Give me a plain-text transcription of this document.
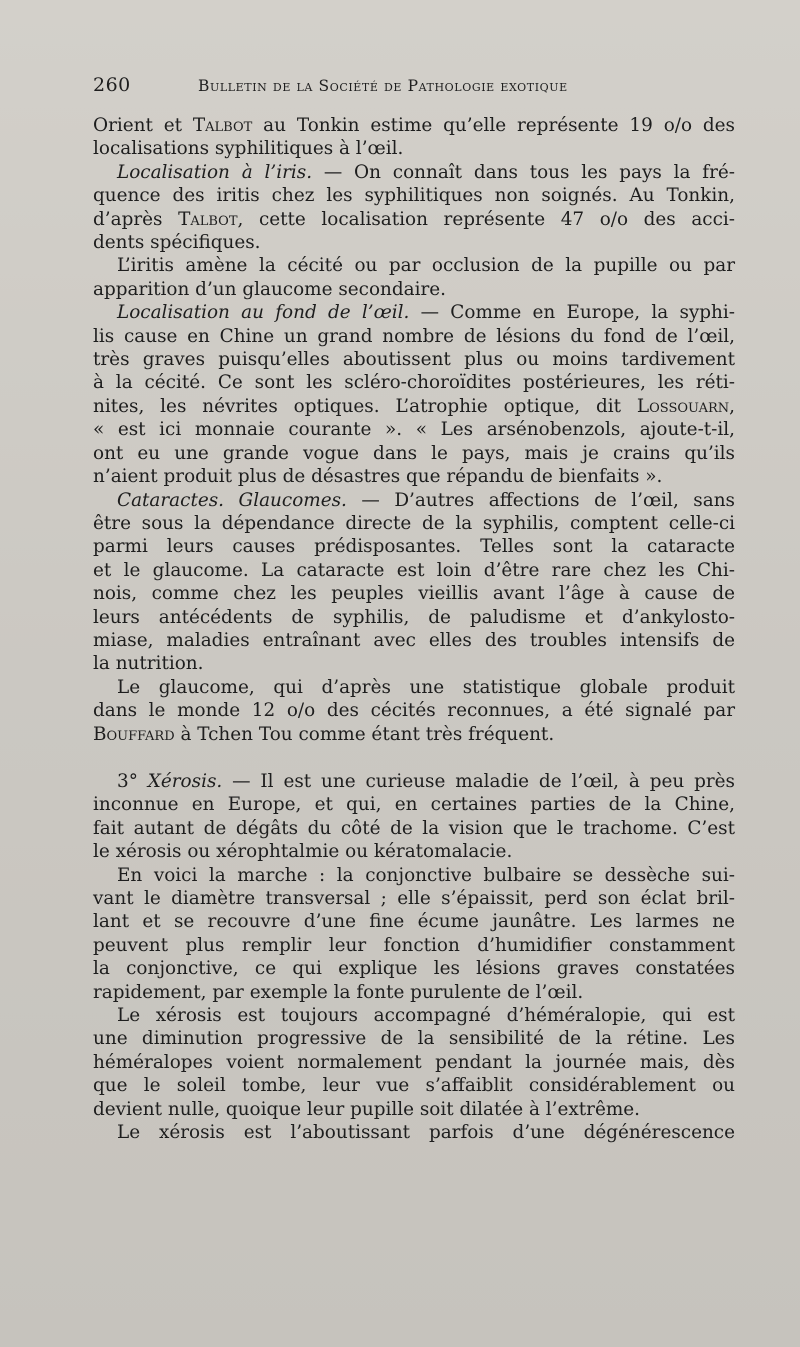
260	Bulletin de la Société de Pathologie exotique

Orient et Talbot au Tonkin estime qu’elle représente 19 o/o des

localisations syphilitiques à l’œil.

Localisation à l’iris. — On connaît dans tous les pays la fré-

quence des iritis chez les syphilitiques non soignés. Au Tonkin,

d’après Talbot, cette localisation représente 47 o/o des acci-

dents spécifiques.

L’iritis amène la cécité ou par occlusion de la pupille ou par

apparition d’un glaucome secondaire.

Localisation au fond de l’œil. — Comme en Europe, la syphi-

lis cause en Chine un grand nombre de lésions du fond de l’œil,

très graves puisqu’elles aboutissent plus ou moins tardivement

à la cécité. Ce sont les scléro-choroïdites postérieures, les réti-

nites, les névrites optiques. L’atrophie optique, dit Lossouarn,

« est ici monnaie courante ». « Les arsénobenzols, ajoute-t-il,

ont eu une grande vogue dans le pays, mais je crains qu’ils

n’aient produit plus de désastres que répandu de bienfaits ».

Cataractes. Glaucomes. — D’autres affections de l’œil, sans

être sous la dépendance directe de la syphilis, comptent celle-ci

parmi leurs causes prédisposantes. Telles sont la cataracte

et le glaucome. La cataracte est loin d’être rare chez les Chi-

nois, comme chez les peuples vieillis avant l’âge à cause de

leurs antécédents de syphilis, de paludisme et d’ankylosto-

miase, maladies entraînant avec elles des troubles intensifs de

la nutrition.

Le glaucome, qui d’après une statistique globale produit

dans le monde 12 o/o des cécités reconnues, a été signalé par

Bouffard à Tchen Tou comme étant très fréquent.

3° Xérosis. — Il est une curieuse maladie de l’œil, à peu près

inconnue en Europe, et qui, en certaines parties de la Chine,

fait autant de dégâts du côté de la vision que le trachome. C’est

le xérosis ou xérophtalmie ou kératomalacie.

En voici la marche : la conjonctive bulbaire se dessèche sui-

vant le diamètre transversal ; elle s’épaissit, perd son éclat bril-

lant et se recouvre d’une fine écume jaunâtre. Les larmes ne

peuvent plus remplir leur fonction d’humidifier constamment

la conjonctive, ce qui explique les lésions graves constatées

rapidement, par exemple la fonte purulente de l’œil.

Le xérosis est toujours accompagné d’héméralopie, qui est

une diminution progressive de la sensibilité de la rétine. Les

héméralopes voient normalement pendant la journée mais, dès

que le soleil tombe, leur vue s’affaiblit considérablement ou

devient nulle, quoique leur pupille soit dilatée à l’extrême.

Le xérosis est l’aboutissant parfois d’une dégénérescence
